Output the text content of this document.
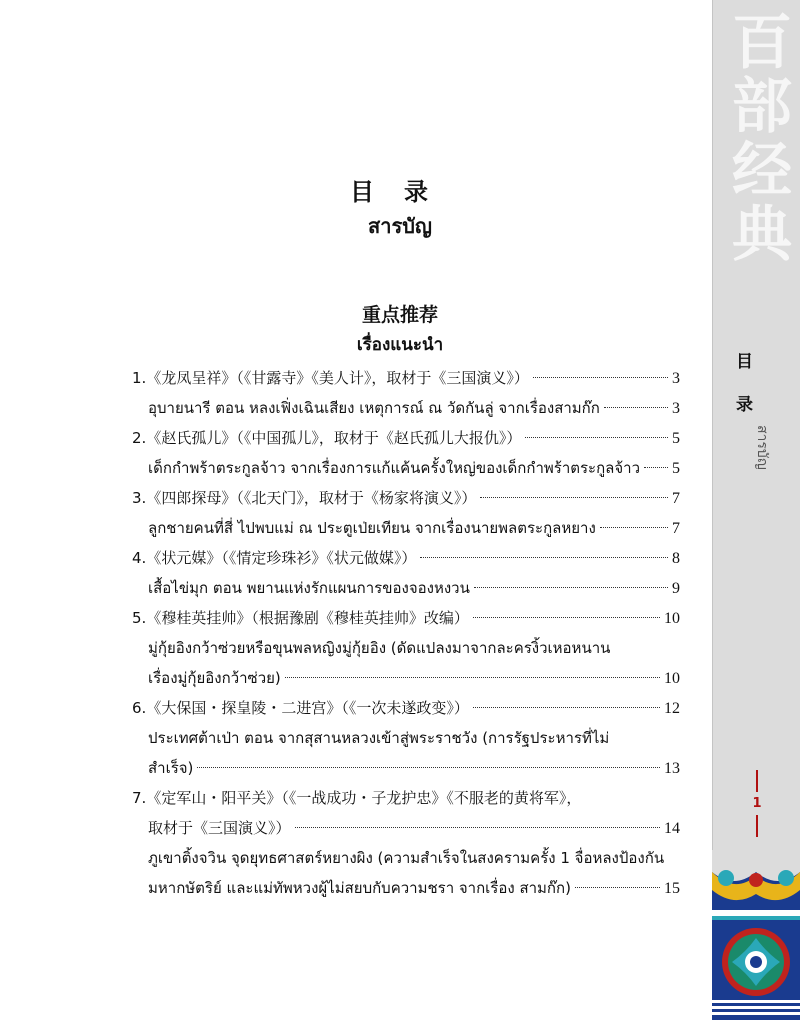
百部经典
目录
สารบัญ
1
目录
สารบัญ
重点推荐
เรื่องแนะนำ
1.《龙凤呈祥》（《甘露寺》《美人计》，取材于《三国演义》）	3
อุบายนารี ตอน หลงเฟิ่งเฉินเสียง เหตุการณ์ ณ วัดกันลู่ จากเรื่องสามก๊ก	3
2.《赵氏孤儿》（《中国孤儿》，取材于《赵氏孤儿大报仇》）	5
เด็กกำพร้าตระกูลจ้าว จากเรื่องการแก้แค้นครั้งใหญ่ของเด็กกำพร้าตระกูลจ้าว 5
3.《四郎探母》（《北天门》，取材于《杨家将演义》）	7
ลูกชายคนที่สี่ ไปพบแม่ ณ ประตูเป่ยเทียน จากเรื่องนายพลตระกูลหยาง	7
4.《状元媒》（《情定珍珠衫》《状元做媒》）	8
เสื้อไข่มุก ตอน พยานแห่งรักแผนการของจองหงวน	9
5.《穆桂英挂帅》（根据豫剧《穆桂英挂帅》改编）	10
มู่กุ้ยอิงกว้าซ่วยหรือขุนพลหญิงมู่กุ้ยอิง (ดัดแปลงมาจากละครงิ้วเหอหนาน
เรื่องมู่กุ้ยอิงกว้าซ่วย)	10
6.《大保国・探皇陵・二进宫》（《一次未遂政变》）	12
ประเทศต้าเป่า ตอน จากสุสานหลวงเข้าสู่พระราชวัง (การรัฐประหารที่ไม่
สำเร็จ)	13
7.《定军山・阳平关》（《一战成功・子龙护忠》《不服老的黄将军》，
取材于《三国演义》）	14
ภูเขาติ้งจวิน จุดยุทธศาสตร์หยางผิง (ความสำเร็จในสงครามครั้ง 1 จื่อหลงป้องกัน
มหากษัตริย์ และแม่ทัพหวงผู้ไม่สยบกับความชรา จากเรื่อง สามก๊ก)	15
